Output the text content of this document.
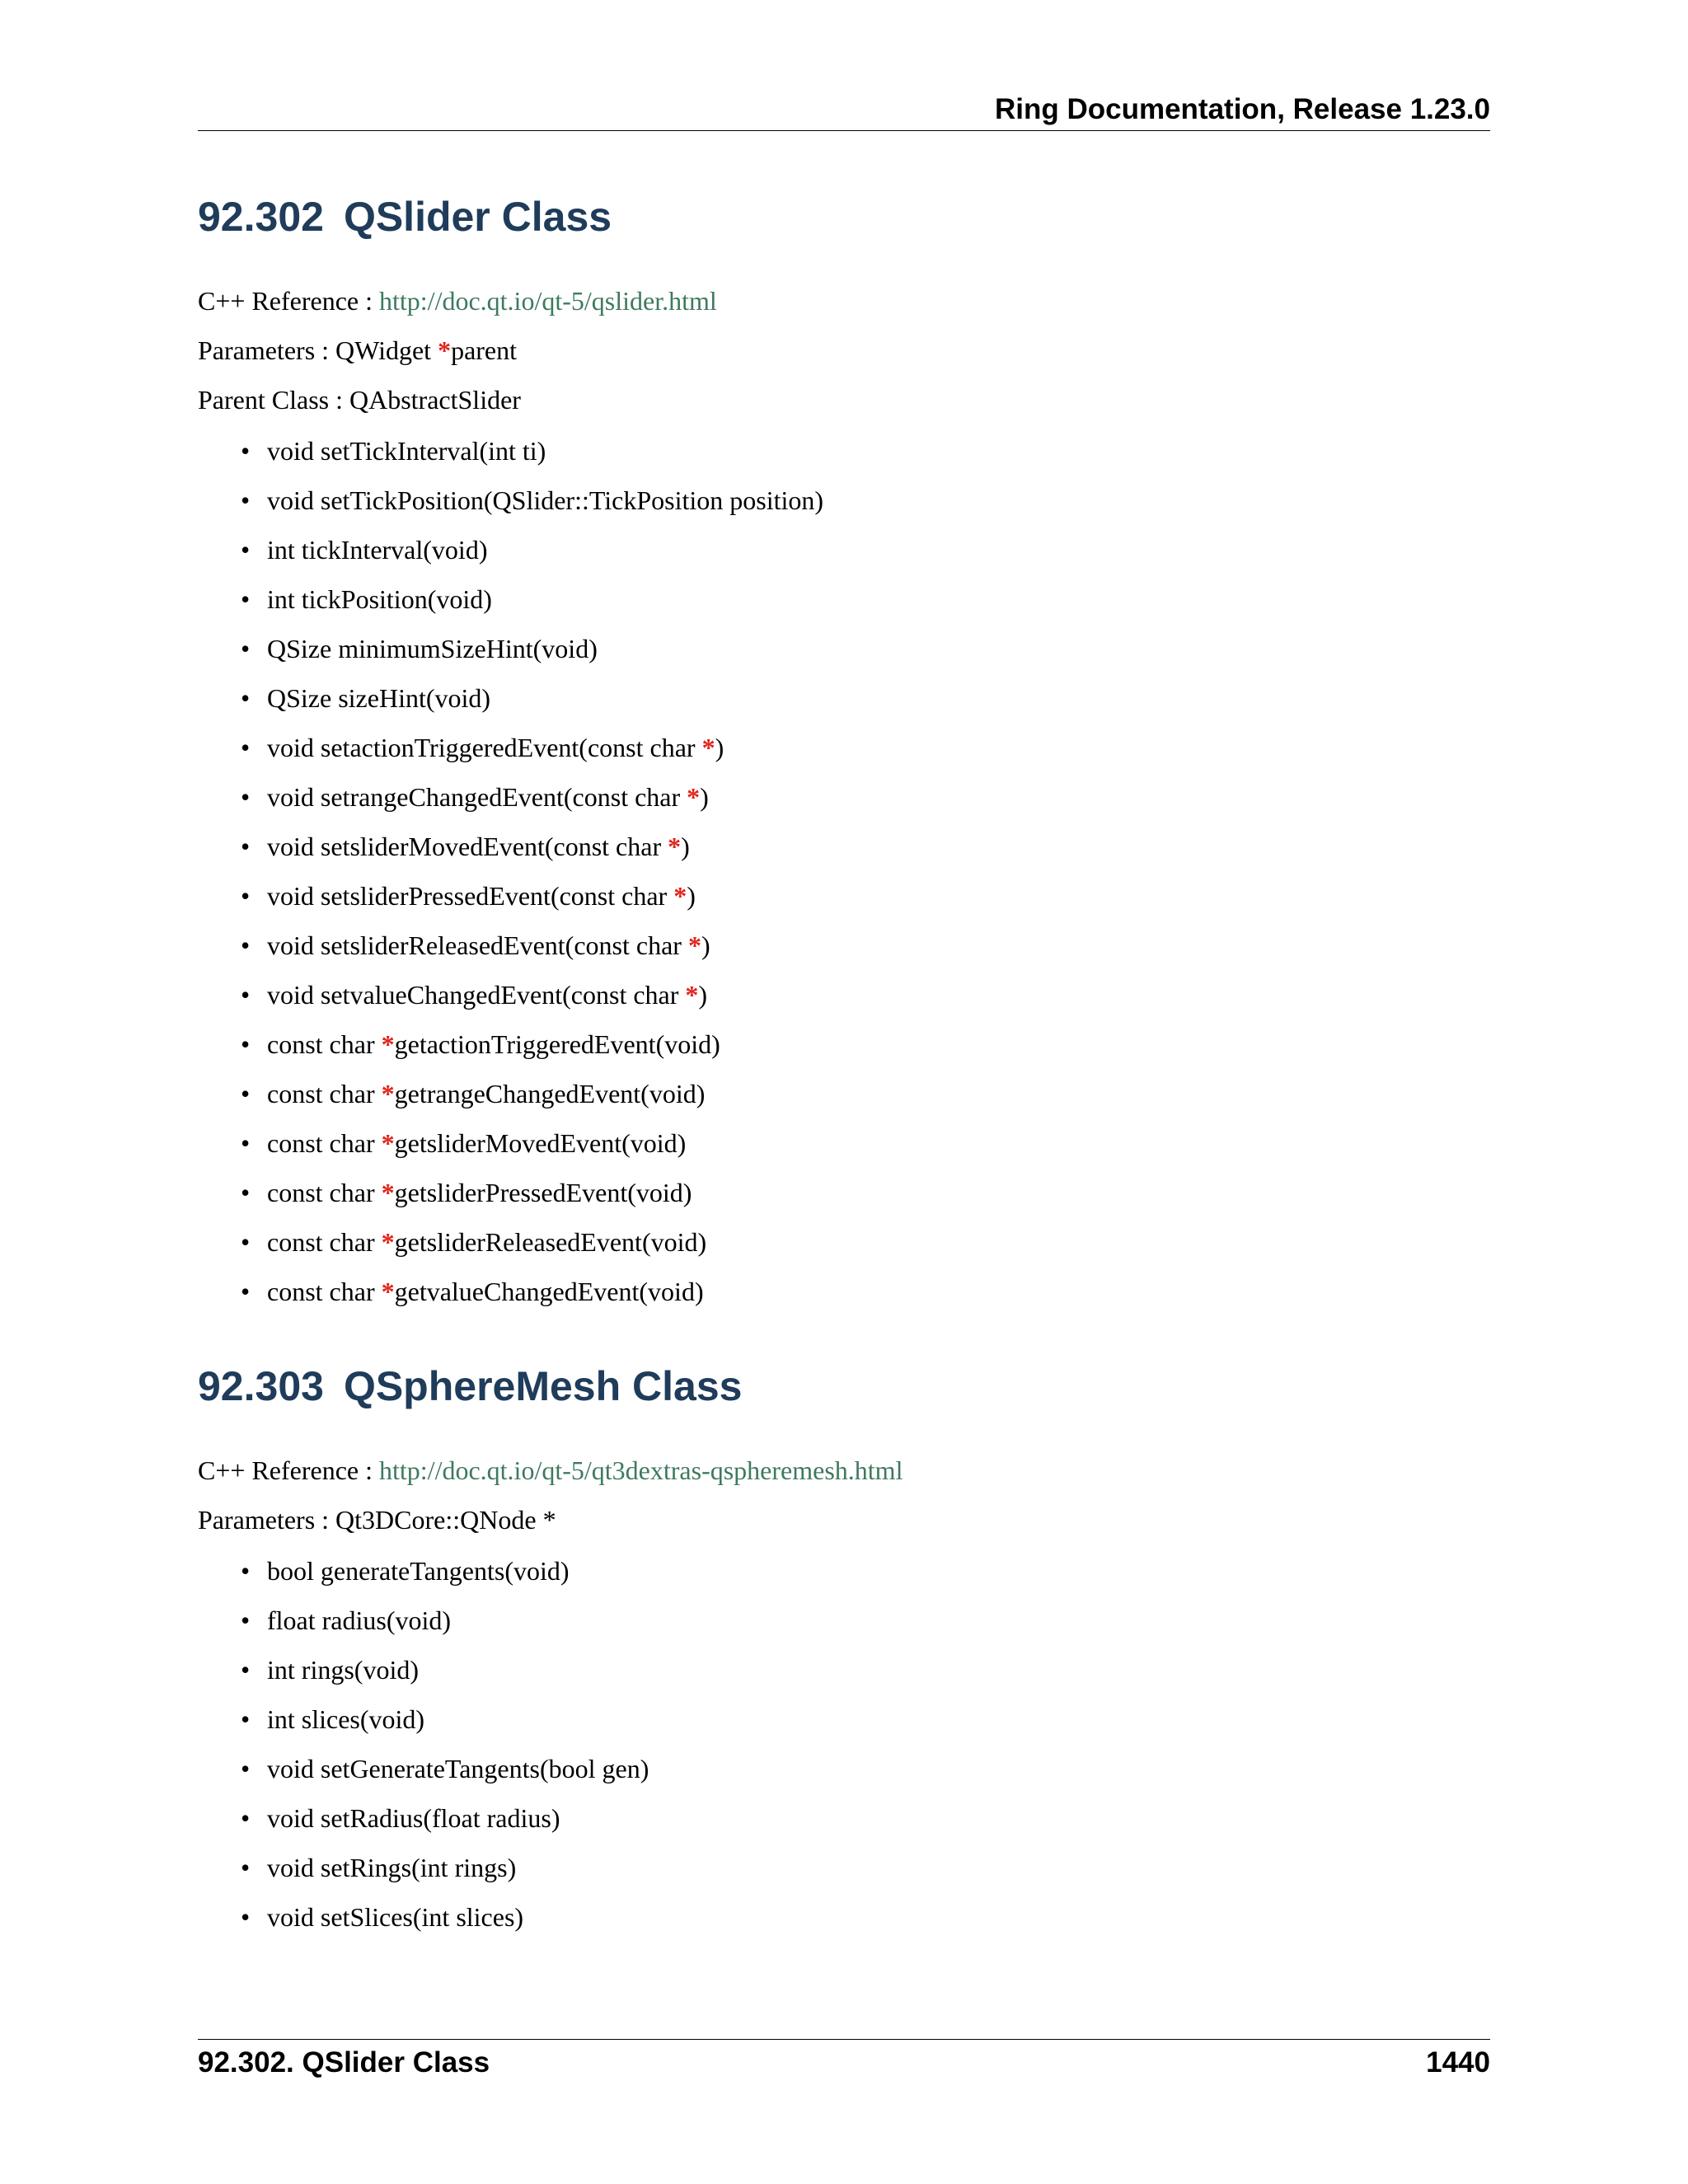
Ring Documentation, Release 1.23.0
92.302 QSlider Class

C++ Reference : http://doc.qt.io/qt-5/qslider.html

Parameters : QWidget *parent

Parent Class : QAbstractSlider

• void setTickInterval(int ti)
• void setTickPosition(QSlider::TickPosition position)
• int tickInterval(void)
• int tickPosition(void)
• QSize minimumSizeHint(void)
• QSize sizeHint(void)
• void setactionTriggeredEvent(const char *)
• void setrangeChangedEvent(const char *)
• void setsliderMovedEvent(const char *)
• void setsliderPressedEvent(const char *)
• void setsliderReleasedEvent(const char *)
• void setvalueChangedEvent(const char *)
• const char *getactionTriggeredEvent(void)
• const char *getrangeChangedEvent(void)
• const char *getsliderMovedEvent(void)
• const char *getsliderPressedEvent(void)
• const char *getsliderReleasedEvent(void)
• const char *getvalueChangedEvent(void)
92.303 QSphereMesh Class

C++ Reference : http://doc.qt.io/qt-5/qt3dextras-qspheremesh.html

Parameters : Qt3DCore::QNode *

• bool generateTangents(void)
• float radius(void)
• int rings(void)
• int slices(void)
• void setGenerateTangents(bool gen)
• void setRadius(float radius)
• void setRings(int rings)
• void setSlices(int slices)
92.302. QSlider Class	1440
